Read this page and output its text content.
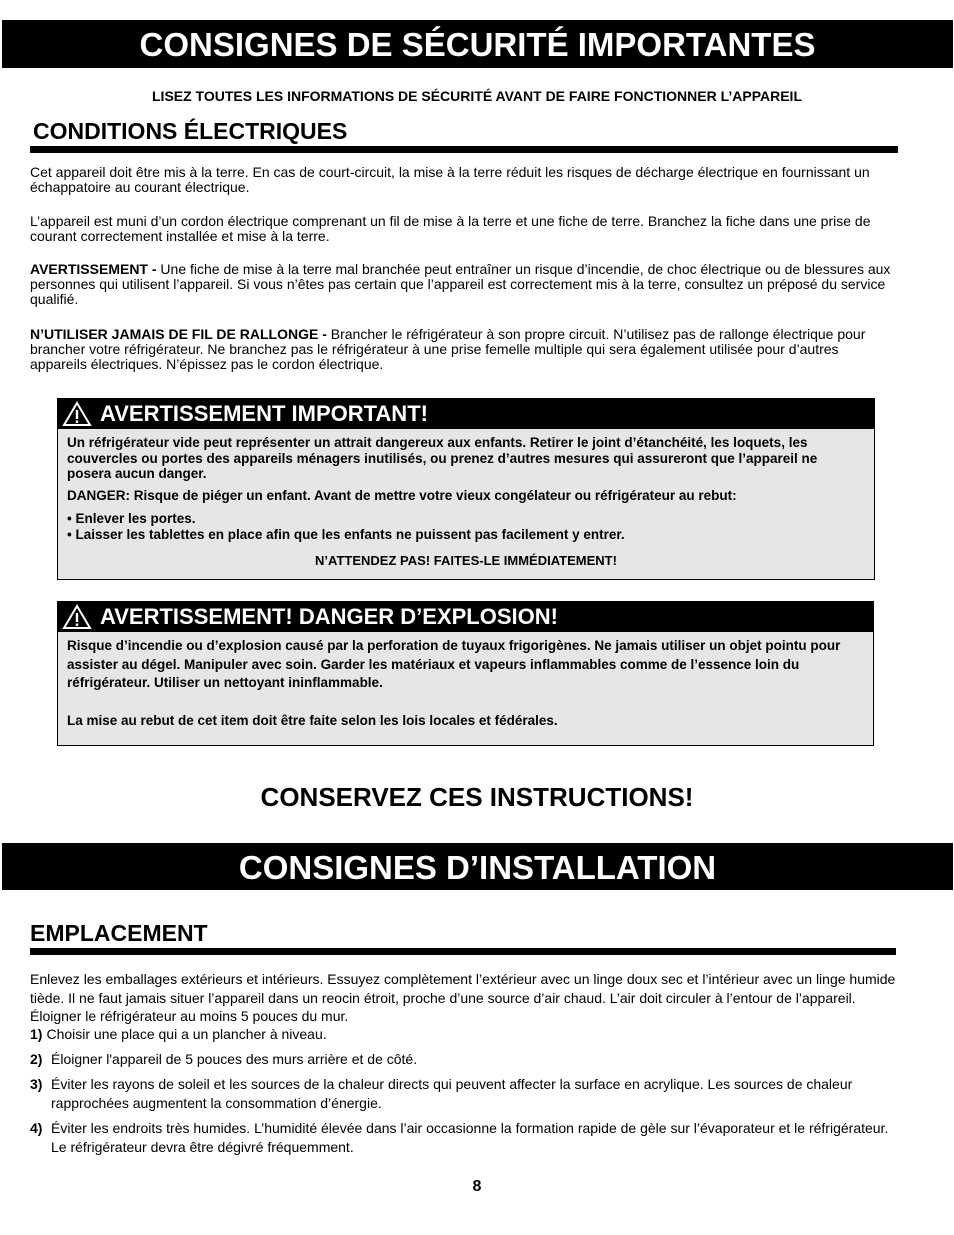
CONSIGNES DE SÉCURITÉ IMPORTANTES
LISEZ TOUTES LES INFORMATIONS DE SÉCURITÉ AVANT DE FAIRE FONCTIONNER L’APPAREIL
CONDITIONS ÉLECTRIQUES
Cet appareil doit être mis à la terre. En cas de court-circuit, la mise à la terre réduit les risques de décharge électrique en fournissant un échappatoire au courant électrique.
L’appareil est muni d’un cordon électrique comprenant un fil de mise à la terre et une fiche de terre. Branchez la fiche dans une prise de courant correctement installée et mise à la terre.
AVERTISSEMENT - Une fiche de mise à la terre mal branchée peut entraîner un risque d’incendie, de choc électrique ou de blessures aux personnes qui utilisent l’appareil. Si vous n’êtes pas certain que l’appareil est correctement mis à la terre, consultez un préposé du service qualifié.
N’UTILISER JAMAIS DE FIL DE RALLONGE - Brancher le réfrigérateur à son propre circuit. N’utilisez pas de rallonge électrique pour brancher votre réfrigérateur. Ne branchez pas le réfrigérateur à une prise femelle multiple qui sera également utilisée pour d’autres appareils électriques. N’épissez pas le cordon électrique.
AVERTISSEMENT IMPORTANT!

Un réfrigérateur vide peut représenter un attrait dangereux aux enfants. Retirer le joint d’étanchéité, les loquets, les couvercles ou portes des appareils ménagers inutilisés, ou prenez d’autres mesures qui assureront que l’appareil ne posera aucun danger.

DANGER: Risque de piéger un enfant. Avant de mettre votre vieux congélateur ou réfrigérateur au rebut:

• Enlever les portes.

• Laisser les tablettes en place afin que les enfants ne puissent pas facilement y entrer.

N’ATTENDEZ PAS! FAITES-LE IMMÉDIATEMENT!

AVERTISSEMENT! DANGER D’EXPLOSION!

Risque d’incendie ou d’explosion causé par la perforation de tuyaux frigorigènes. Ne jamais utiliser un objet pointu pour assister au dégel. Manipuler avec soin. Garder les matériaux et vapeurs inflammables comme de l’essence loin du réfrigérateur. Utiliser un nettoyant ininflammable.

La mise au rebut de cet item doit être faite selon les lois locales et fédérales.

CONSERVEZ CES INSTRUCTIONS!
CONSIGNES D’INSTALLATION
EMPLACEMENT
Enlevez les emballages extérieurs et intérieurs. Essuyez complètement l’extérieur avec un linge doux sec et l’intérieur avec un linge humide tiède. Il ne faut jamais situer l’appareil dans un reocin étroit, proche d’une source d’air chaud. L’air doit circuler à l’entour de l’appareil. Éloigner le réfrigérateur au moins 5 pouces du mur.
1) Choisir une place qui a un plancher à niveau.
2) Éloigner l'appareil de 5 pouces des murs arrière et de côté.
3) Éviter les rayons de soleil et les sources de la chaleur directs qui peuvent affecter la surface en acrylique. Les sources de chaleur rapprochées augmentent la consommation d’énergie.
4) Éviter les endroits très humides. L’humidité élevée dans l’air occasionne la formation rapide de gèle sur l’évaporateur et le réfrigérateur. Le réfrigérateur devra être dégivré fréquemment.
8
